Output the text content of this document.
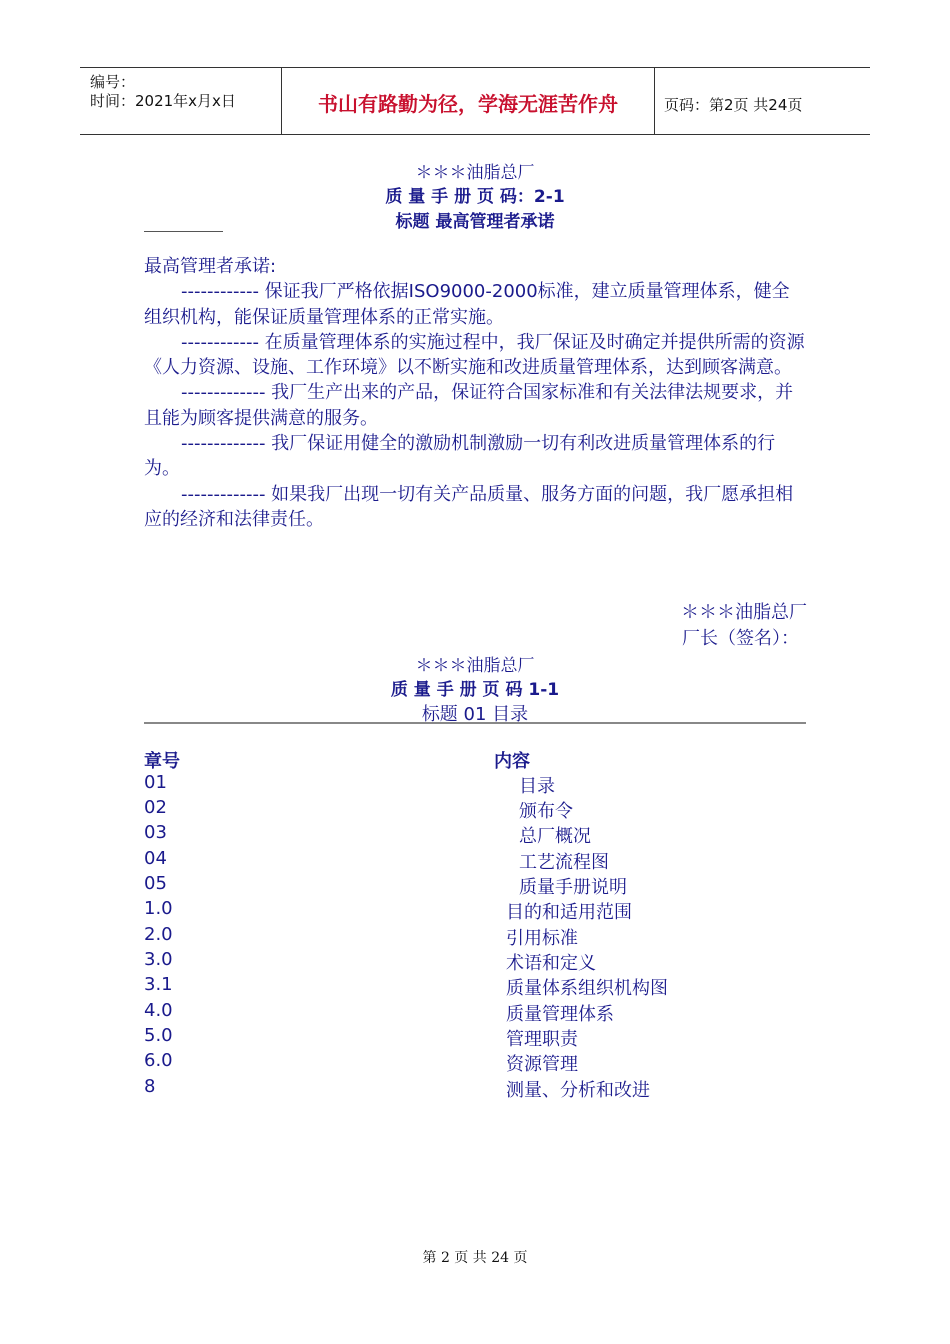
编号：
时间：2021年x月x日	书山有路勤为径，学海无涯苦作舟	页码：第2页 共24页
＊＊＊油脂总厂
质 量 手 册 页 码：2-1
标题 最高管理者承诺
最高管理者承诺:

------------ 保证我厂严格依据ISO9000-2000标准，建立质量管理体系，健全组织机构，能保证质量管理体系的正常实施。

------------ 在质量管理体系的实施过程中，我厂保证及时确定并提供所需的资源《人力资源、设施、工作环境》以不断实施和改进质量管理体系，达到顾客满意。

------------- 我厂生产出来的产品，保证符合国家标准和有关法律法规要求，并且能为顾客提供满意的服务。

------------- 我厂保证用健全的激励机制激励一切有利改进质量管理体系的行为。

------------- 如果我厂出现一切有关产品质量、服务方面的问题，我厂愿承担相应的经济和法律责任。

＊＊＊油脂总厂
厂长（签名）：
＊＊＊油脂总厂
质 量 手 册 页 码 1-1
标题 01 目录
章号	内容
01	目录
02	颁布令
03	总厂概况
04	工艺流程图
05	质量手册说明
1.0	目的和适用范围
2.0	引用标准
3.0	术语和定义
3.1	质量体系组织机构图
4.0	质量管理体系
5.0	管理职责
6.0	资源管理
8	测量、分析和改进
第 2 页 共 24 页
